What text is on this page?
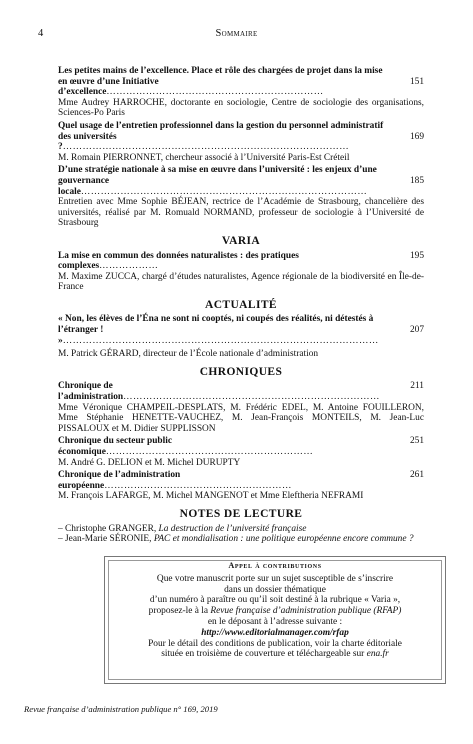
4	Sommaire
Les petites mains de l’excellence. Place et rôle des chargées de projet dans la mise
en œuvre d’une Initiative d’excellence…………………………………………………………
151
Mme Audrey HARROCHE, doctorante en sociologie, Centre de sociologie des organisations, Sciences-Po Paris
Quel usage de l’entretien professionnel dans la gestion du personnel administratif
des universités ?……………………………………………………………………………
169
M. Romain PIERRONNET, chercheur associé à l’Université Paris-Est Créteil
D’une stratégie nationale à sa mise en œuvre dans l’université : les enjeux d’une
gouvernance locale……………………………………………………………………………
185
Entretien avec Mme Sophie BÉJEAN, rectrice de l’Académie de Strasbourg, chancelière des universités, réalisé par M. Romuald NORMAND, professeur de sociologie à l’Université de Strasbourg
VARIA
La mise en commun des données naturalistes : des pratiques complexes………………
195
M. Maxime ZUCCA, chargé d’études naturalistes, Agence régionale de la biodiversité en Île-de-France
ACTUALITÉ
« Non, les élèves de l’Éna ne sont ni cooptés, ni coupés des réalités, ni détestés à
l’étranger ! »……………………………………………………………………………………
207
M. Patrick GÉRARD, directeur de l’École nationale d’administration
CHRONIQUES
Chronique de l’administration……………………………………………………………………
211
Mme Véronique CHAMPEIL-DESPLATS, M. Frédéric EDEL, M. Antoine FOUILLERON, Mme Stéphanie HENETTE-VAUCHEZ, M. Jean-François MONTEILS, M. Jean-Luc PISSALOUX et M. Didier SUPPLISSON
Chronique du secteur public économique………………………………………………………
251
M. André G. DELION et M. Michel DURUPTY
Chronique de l’administration européenne…………………………………………………
261
M. François LAFARGE, M. Michel MANGENOT et Mme Eleftheria NEFRAMI
NOTES DE LECTURE
– Christophe GRANGER, La destruction de l’université française
– Jean-Marie SÉRONIE, PAC et mondialisation : une politique européenne encore commune ?
Appel à contributions
Que votre manuscrit porte sur un sujet susceptible de s’inscrire
dans un dossier thématique
d’un numéro à paraître ou qu’il soit destiné à la rubrique « Varia »,
proposez-le à la Revue française d’administration publique (RFAP)
en le déposant à l’adresse suivante :
http://www.editorialmanager.com/rfap
Pour le détail des conditions de publication, voir la charte éditoriale
située en troisième de couverture et téléchargeable sur ena.fr
Revue française d’administration publique n° 169, 2019
